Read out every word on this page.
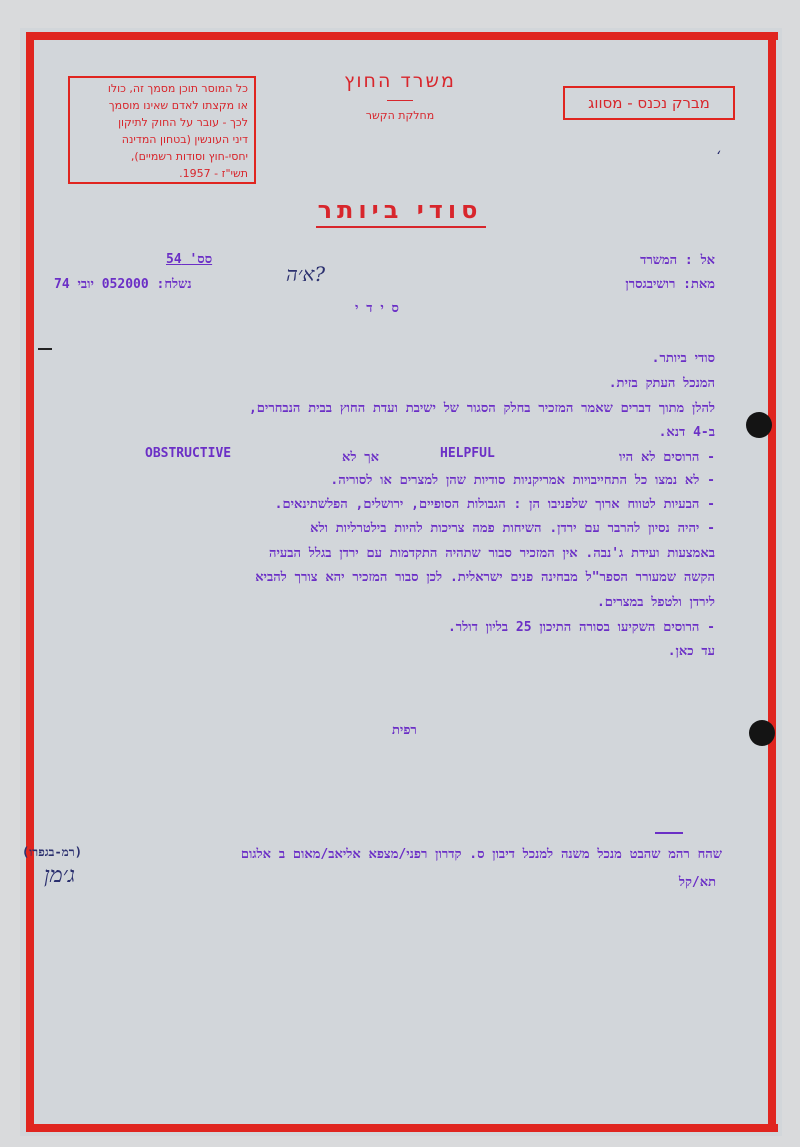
כל המוסר תוכן מסמך זה, כולו
או מקצתו לאדם שאינו מוסמך
לכך - עובר על החוק לתיקון
דיני העונשין (בטחון המדינה
יחסי-חוץ וסודות רשמיים),
תשי"ז - 1957.
משרד החוץ
מחלקת הקשר
מברק נכנס - מסווג
סודי ביותר
א׳ה?
،
אל : המשרד
מאת: רושיבגסרן
סס' 54
נשלח: 052000 יובי 74
ס י ד י
סודי ביותר.
המנכל העתק בזית.
להלן מתוך דברים שאמר המזכיר בחלק הסגור של ישיבת ועדת החוץ בבית הנבחרים,
ב-4 דנא.
- הרוסים לא היו
HELPFUL
אך לא
OBSTRUCTIVE
- לא נמצו כל התחייבויות אמריקניות סודיות שהן למצרים או לסוריה.
- הבעיות לטווח ארוך שלפניבו הן : הגבולות הסופיים, ירושלים, הפלשתינאים.
- יהיה נסיון להרבר עם ירדן. השיחות פמה צריכות להיות בילטרליות ולא
באמצעות ועידת ג'נבה. אין המזכיר סבור שתהיה התקדמות עם ירדן בגלל הבעיה
הקשה שמעורר הספר"ל מבחינה פנים ישראלית. לכן סבור המזכיר יהא צורך להביא
לירדן ולטפל במצרים.
- הרוסים השקיעו בסורה התיכון 25 בליון דולר.
עד כאן.
רפית
שהח רהמ שהבט מנכל משנה למנכל דיבון ס. קדרון רפני/מצפא אליאב/מאום ב אלגום
(רמ-בגפרו)
תא/קל
ג׳מן
